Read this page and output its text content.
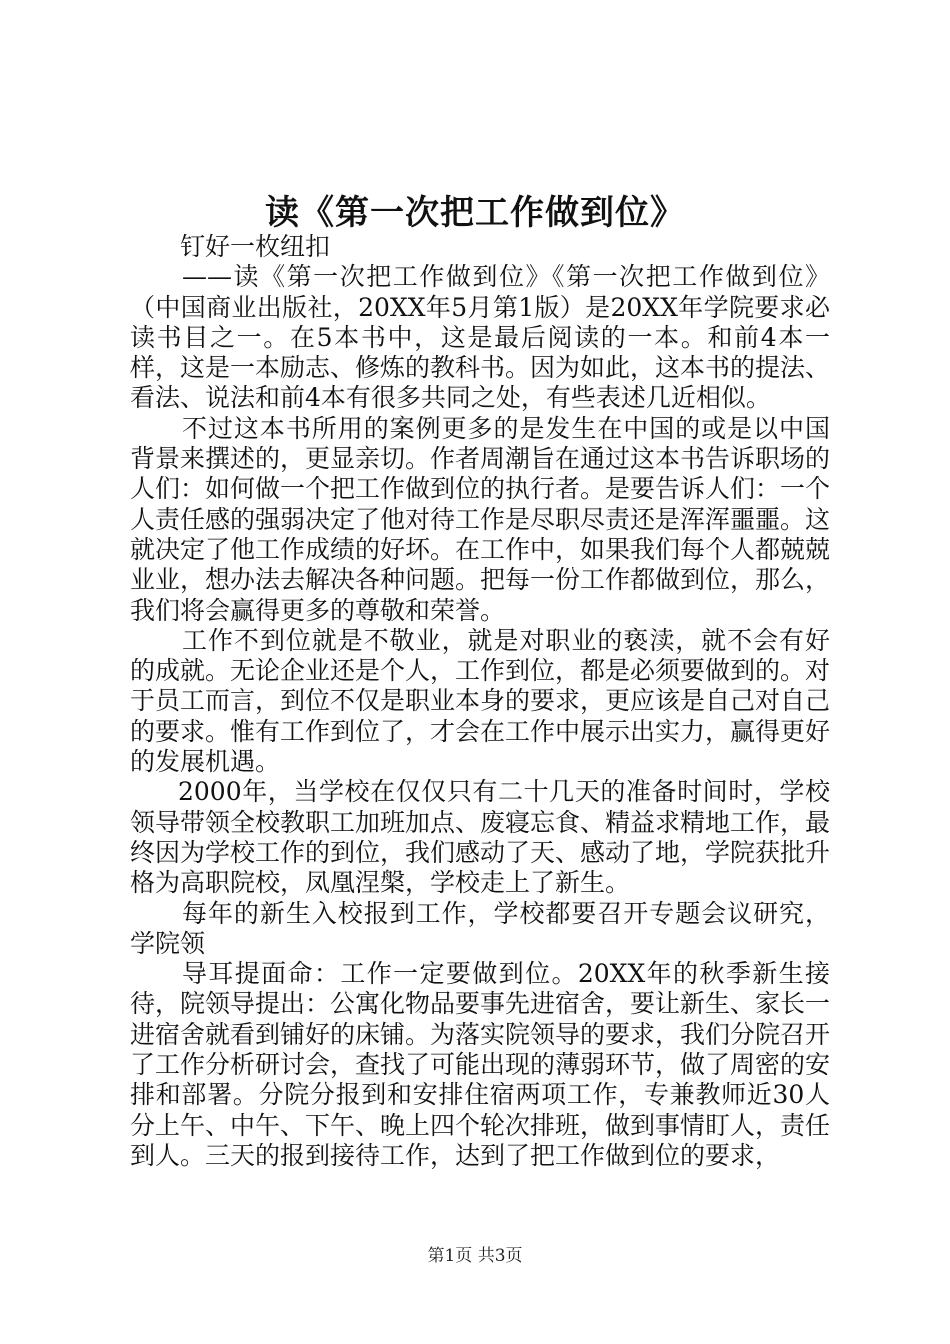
读《第一次把工作做到位》

钉好一枚纽扣

——读《第一次把工作做到位》《第一次把工作做到位》（中国商业出版社，20XX年5月第1版）是20XX年学院要求必读书目之一。在5本书中，这是最后阅读的一本。和前4本一样，这是一本励志、修炼的教科书。因为如此，这本书的提法、看法、说法和前4本有很多共同之处，有些表述几近相似。

不过这本书所用的案例更多的是发生在中国的或是以中国背景来撰述的，更显亲切。作者周潮旨在通过这本书告诉职场的人们：如何做一个把工作做到位的执行者。是要告诉人们：一个人责任感的强弱决定了他对待工作是尽职尽责还是浑浑噩噩。这就决定了他工作成绩的好坏。在工作中，如果我们每个人都兢兢业业，想办法去解决各种问题。把每一份工作都做到位，那么，我们将会赢得更多的尊敬和荣誉。

工作不到位就是不敬业，就是对职业的亵渎，就不会有好的成就。无论企业还是个人，工作到位，都是必须要做到的。对于员工而言，到位不仅是职业本身的要求，更应该是自己对自己的要求。惟有工作到位了，才会在工作中展示出实力，赢得更好的发展机遇。

2000年，当学校在仅仅只有二十几天的准备时间时，学校领导带领全校教职工加班加点、废寝忘食、精益求精地工作，最终因为学校工作的到位，我们感动了天、感动了地，学院获批升格为高职院校，凤凰涅槃，学校走上了新生。

每年的新生入校报到工作，学校都要召开专题会议研究，学院领

导耳提面命：工作一定要做到位。20XX年的秋季新生接待，院领导提出：公寓化物品要事先进宿舍，要让新生、家长一进宿舍就看到铺好的床铺。为落实院领导的要求，我们分院召开了工作分析研讨会，查找了可能出现的薄弱环节，做了周密的安排和部署。分院分报到和安排住宿两项工作，专兼教师近30人分上午、中午、下午、晚上四个轮次排班，做到事情盯人，责任到人。三天的报到接待工作，达到了把工作做到位的要求，

第1页 共3页
